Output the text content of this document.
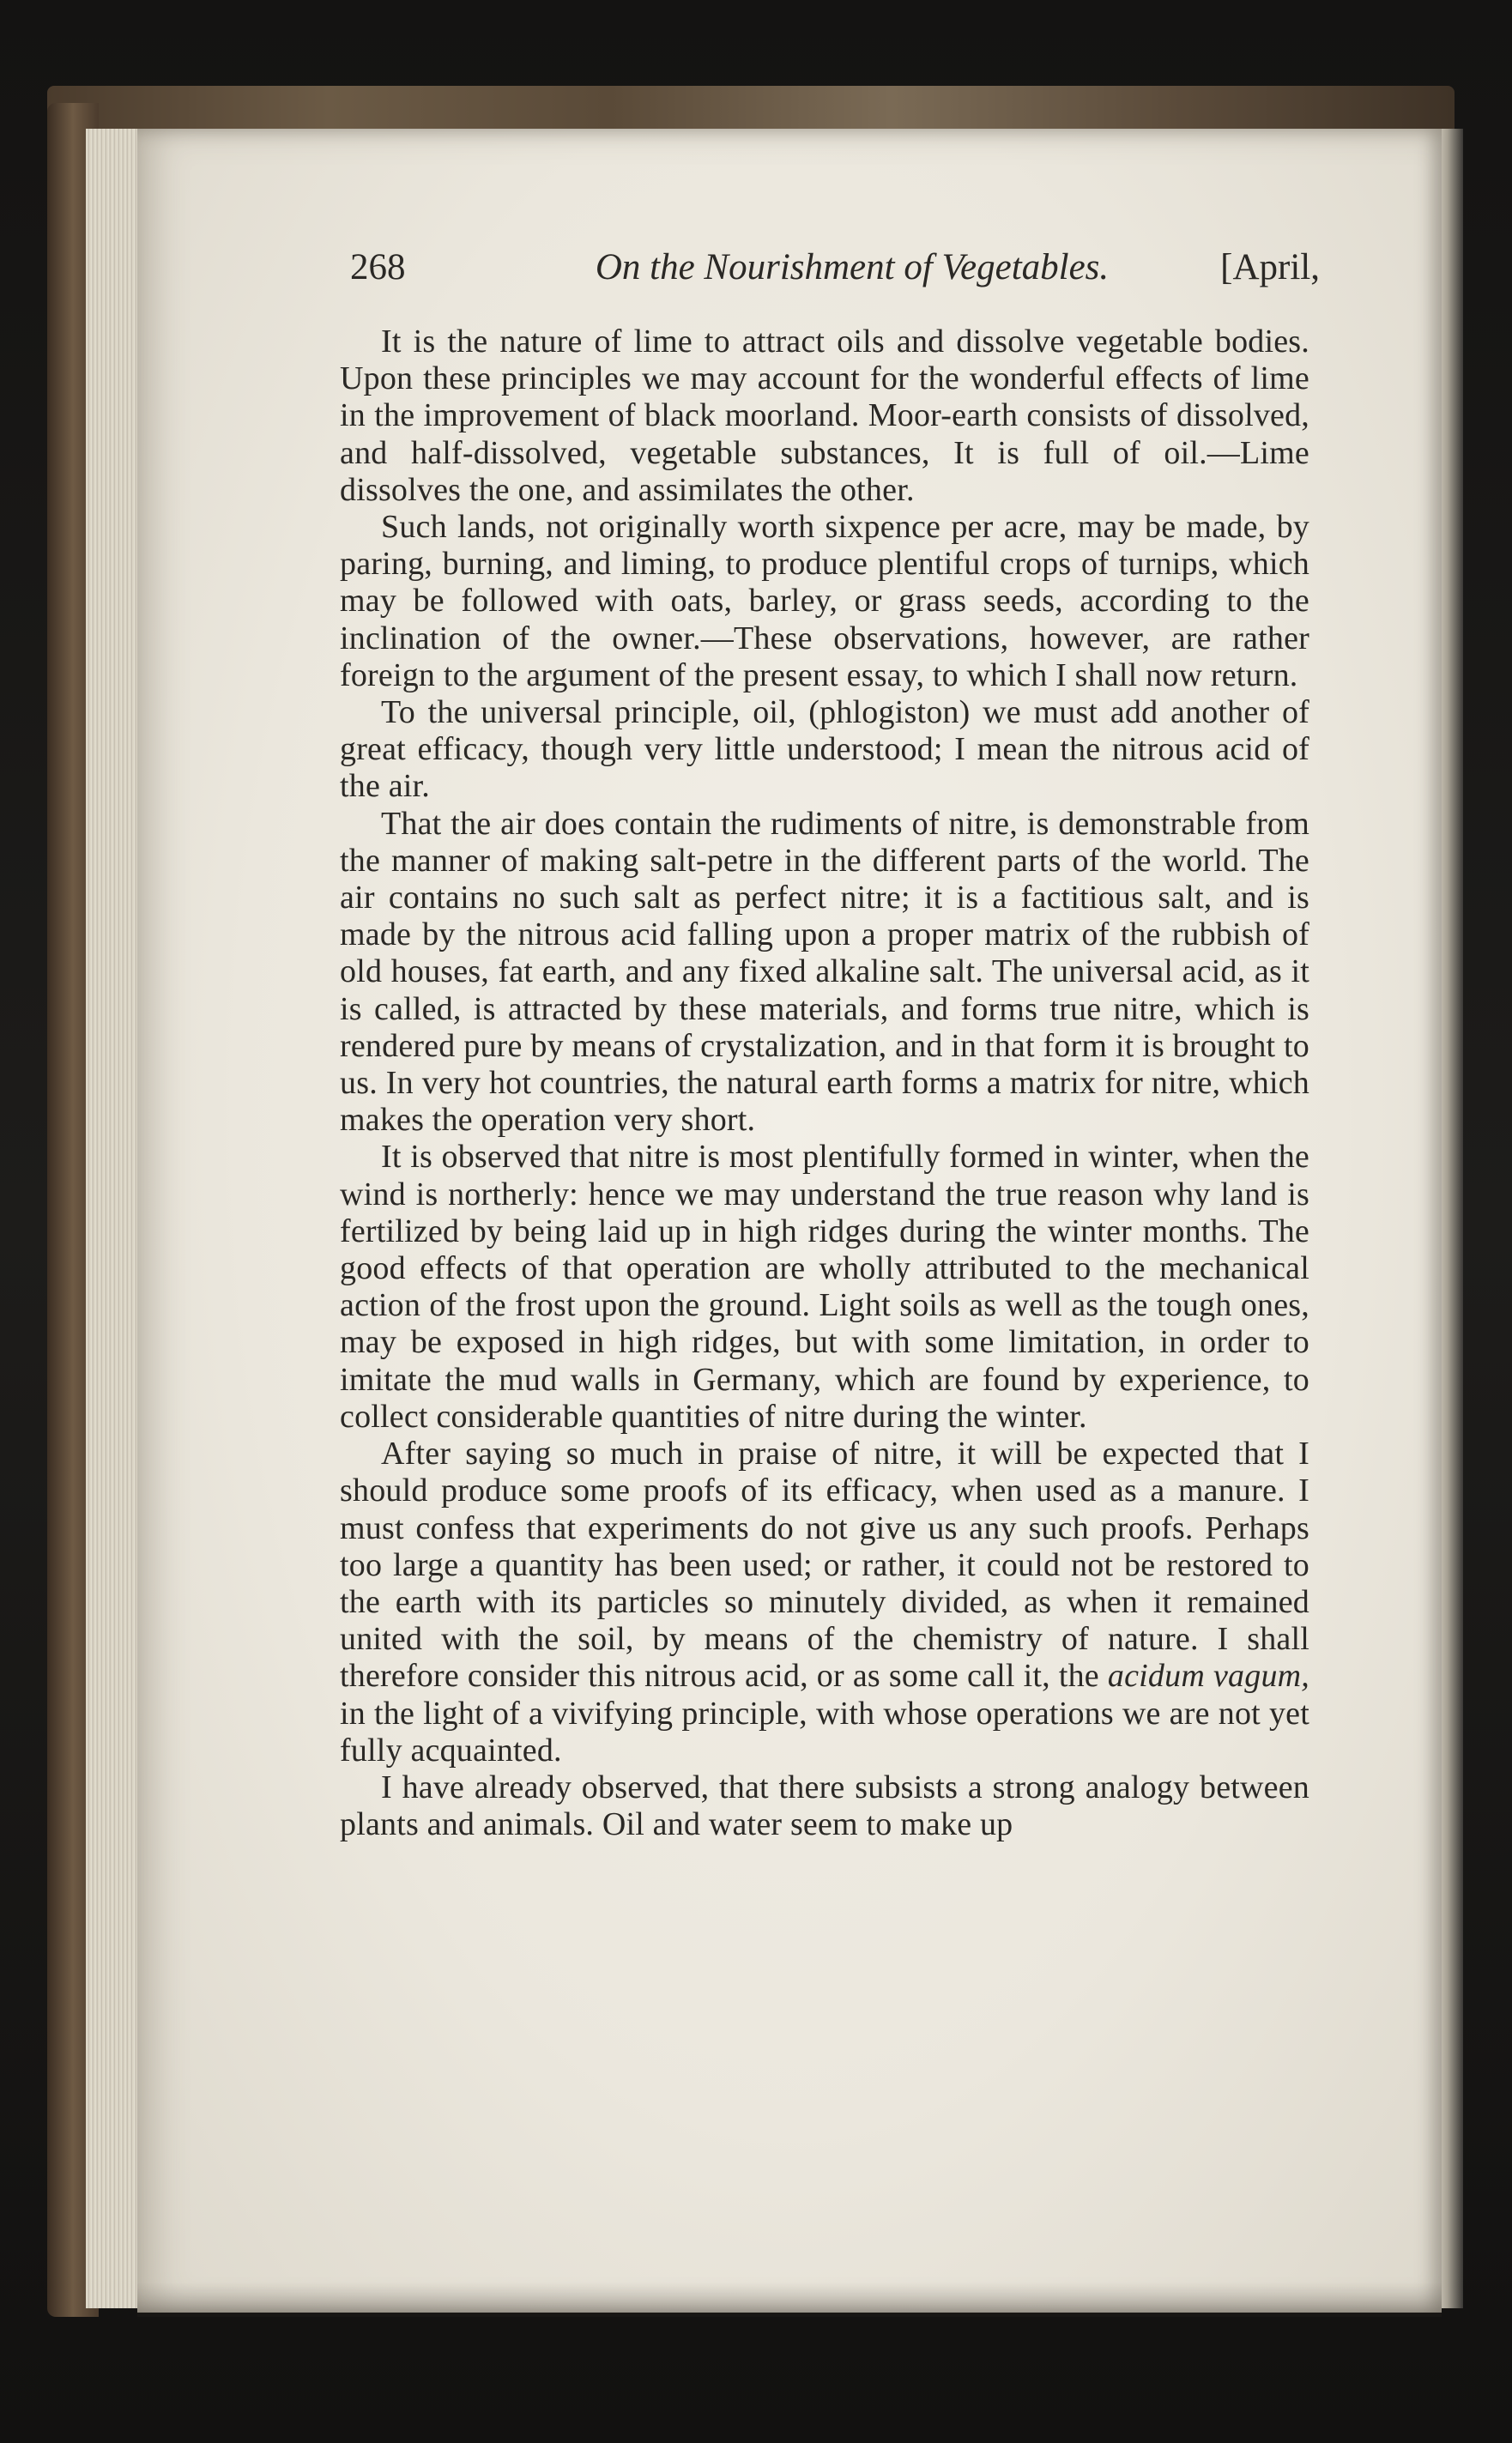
268	On the Nourishment of Vegetables.	[April,

It is the nature of lime to attract oils and dissolve vegetable bodies. Upon these principles we may account for the wonderful effects of lime in the improvement of black moorland. Moor-earth consists of dissolved, and half-dissolved, vegetable substances, It is full of oil.—Lime dissolves the one, and assimilates the other.

Such lands, not originally worth sixpence per acre, may be made, by paring, burning, and liming, to produce plentiful crops of turnips, which may be followed with oats, barley, or grass seeds, according to the inclination of the owner.—These observations, however, are rather foreign to the argument of the present essay, to which I shall now return.

To the universal principle, oil, (phlogiston) we must add another of great efficacy, though very little understood; I mean the nitrous acid of the air.

That the air does contain the rudiments of nitre, is demonstrable from the manner of making salt-petre in the different parts of the world. The air contains no such salt as perfect nitre; it is a factitious salt, and is made by the nitrous acid falling upon a proper matrix of the rubbish of old houses, fat earth, and any fixed alkaline salt. The universal acid, as it is called, is attracted by these materials, and forms true nitre, which is rendered pure by means of crystalization, and in that form it is brought to us. In very hot countries, the natural earth forms a matrix for nitre, which makes the operation very short.

It is observed that nitre is most plentifully formed in winter, when the wind is northerly: hence we may understand the true reason why land is fertilized by being laid up in high ridges during the winter months. The good effects of that operation are wholly attributed to the mechanical action of the frost upon the ground. Light soils as well as the tough ones, may be exposed in high ridges, but with some limitation, in order to imitate the mud walls in Germany, which are found by experience, to collect considerable quantities of nitre during the winter.

After saying so much in praise of nitre, it will be expected that I should produce some proofs of its efficacy, when used as a manure. I must confess that experiments do not give us any such proofs. Perhaps too large a quantity has been used; or rather, it could not be restored to the earth with its particles so minutely divided, as when it remained united with the soil, by means of the chemistry of nature. I shall therefore consider this nitrous acid, or as some call it, the acidum vagum, in the light of a vivifying principle, with whose operations we are not yet fully acquainted.

I have already observed, that there subsists a strong analogy between plants and animals. Oil and water seem to make up
